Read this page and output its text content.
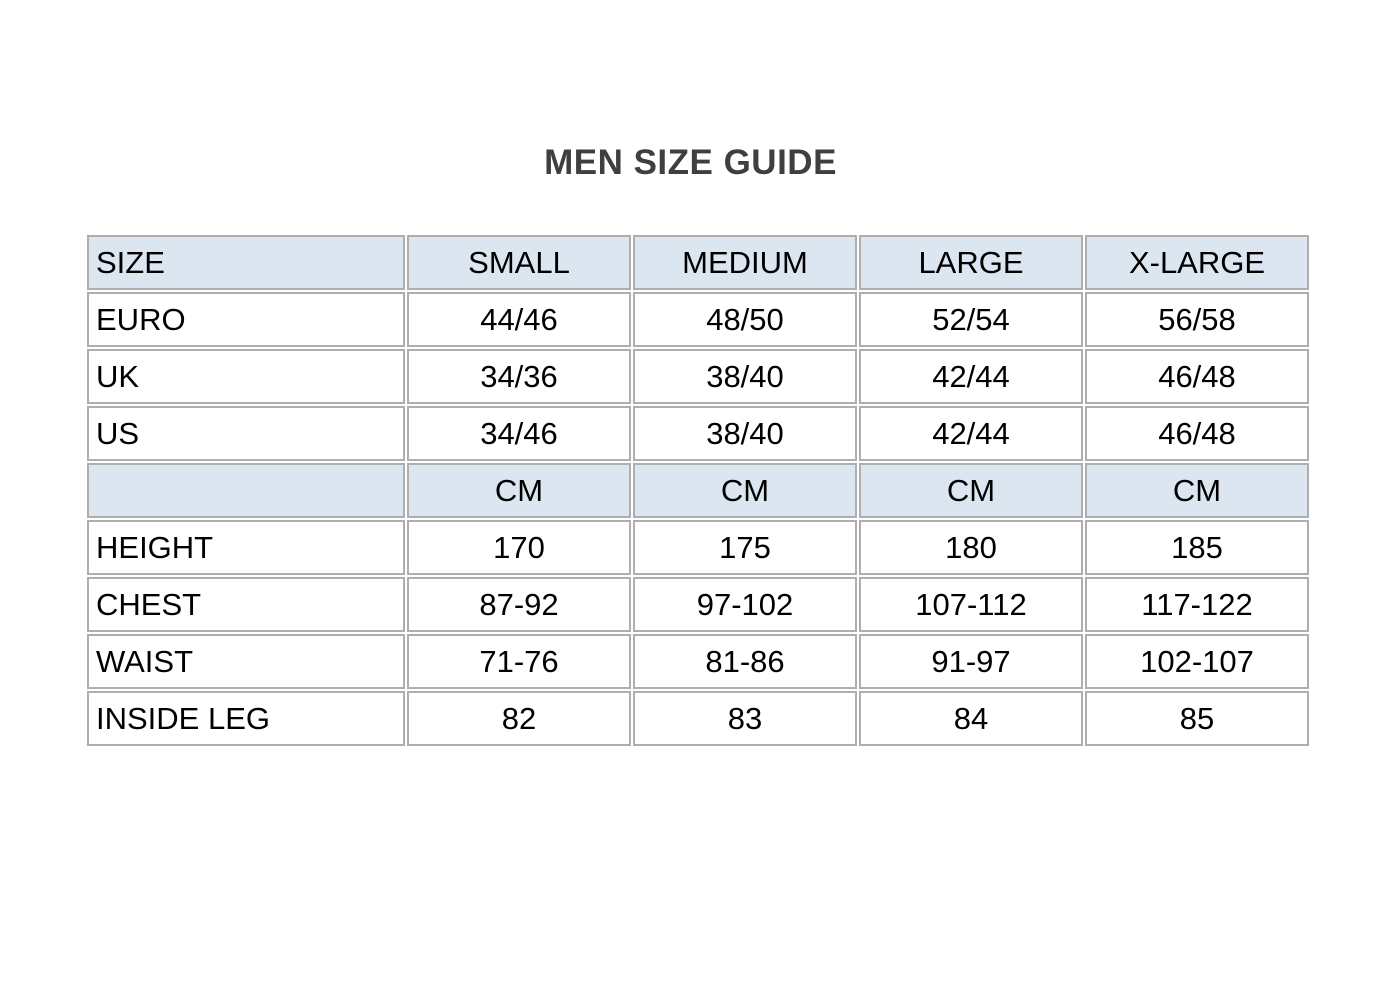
MEN SIZE GUIDE
SIZE	SMALL	MEDIUM	LARGE	X-LARGE
EURO	44/46	48/50	52/54	56/58
UK	34/36	38/40	42/44	46/48
US	34/46	38/40	42/44	46/48
	CM	CM	CM	CM
HEIGHT	170	175	180	185
CHEST	87-92	97-102	107-112	117-122
WAIST	71-76	81-86	91-97	102-107
INSIDE LEG	82	83	84	85
